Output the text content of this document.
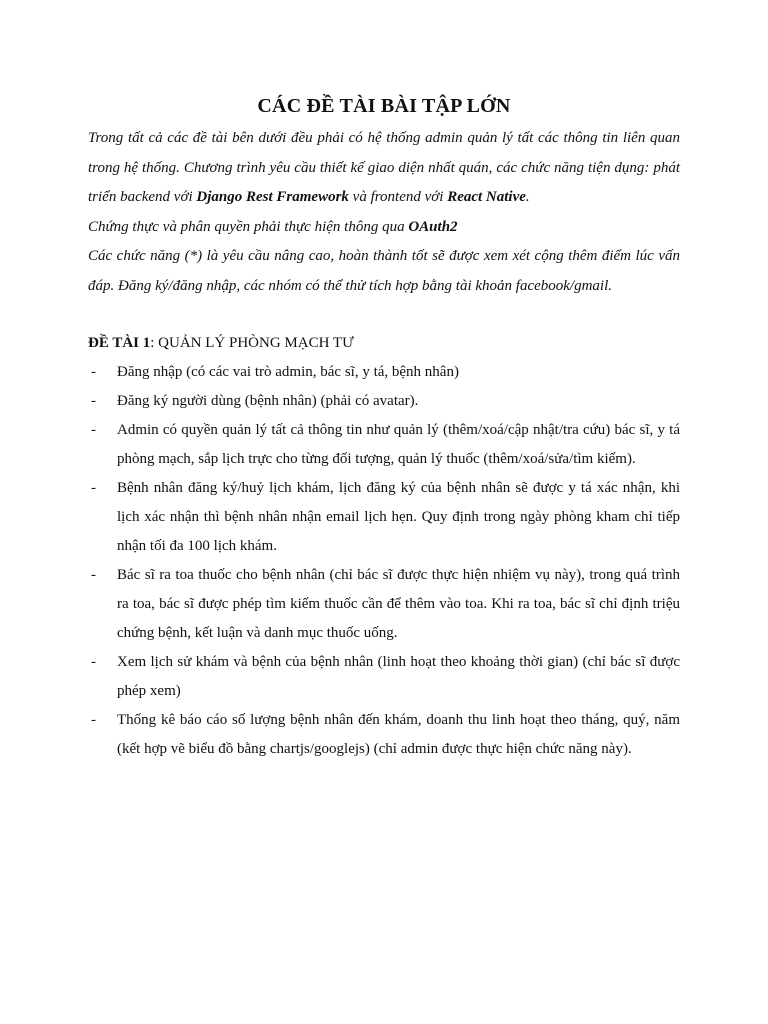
CÁC ĐỀ TÀI BÀI TẬP LỚN

Trong tất cả các đề tài bên dưới đều phải có hệ thống admin quản lý tất các thông tin liên quan trong hệ thống. Chương trình yêu cầu thiết kế giao diện nhất quán, các chức năng tiện dụng: phát triển backend với Django Rest Framework và frontend với React Native.

Chứng thực và phân quyền phải thực hiện thông qua OAuth2

Các chức năng (*) là yêu cầu nâng cao, hoàn thành tốt sẽ được xem xét cộng thêm điểm lúc vấn đáp. Đăng ký/đăng nhập, các nhóm có thể thử tích hợp bằng tài khoản facebook/gmail.

ĐỀ TÀI 1: QUẢN LÝ PHÒNG MẠCH TƯ

- Đăng nhập (có các vai trò admin, bác sĩ, y tá, bệnh nhân)
- Đăng ký người dùng (bệnh nhân) (phải có avatar).
- Admin có quyền quản lý tất cả thông tin như quản lý (thêm/xoá/cập nhật/tra cứu) bác sĩ, y tá phòng mạch, sắp lịch trực cho từng đối tượng, quản lý thuốc (thêm/xoá/sửa/tìm kiếm).
- Bệnh nhân đăng ký/huỷ lịch khám, lịch đăng ký của bệnh nhân sẽ được y tá xác nhận, khi lịch xác nhận thì bệnh nhân nhận email lịch hẹn. Quy định trong ngày phòng kham chỉ tiếp nhận tối đa 100 lịch khám.
- Bác sĩ ra toa thuốc cho bệnh nhân (chỉ bác sĩ được thực hiện nhiệm vụ này), trong quá trình ra toa, bác sĩ được phép tìm kiếm thuốc cần để thêm vào toa. Khi ra toa, bác sĩ chỉ định triệu chứng bệnh, kết luận và danh mục thuốc uống.
- Xem lịch sử khám và bệnh của bệnh nhân (linh hoạt theo khoảng thời gian) (chỉ bác sĩ được phép xem)
- Thống kê báo cáo số lượng bệnh nhân đến khám, doanh thu linh hoạt theo tháng, quý, năm (kết hợp vẽ biểu đồ bằng chartjs/googlejs) (chỉ admin được thực hiện chức năng này).
